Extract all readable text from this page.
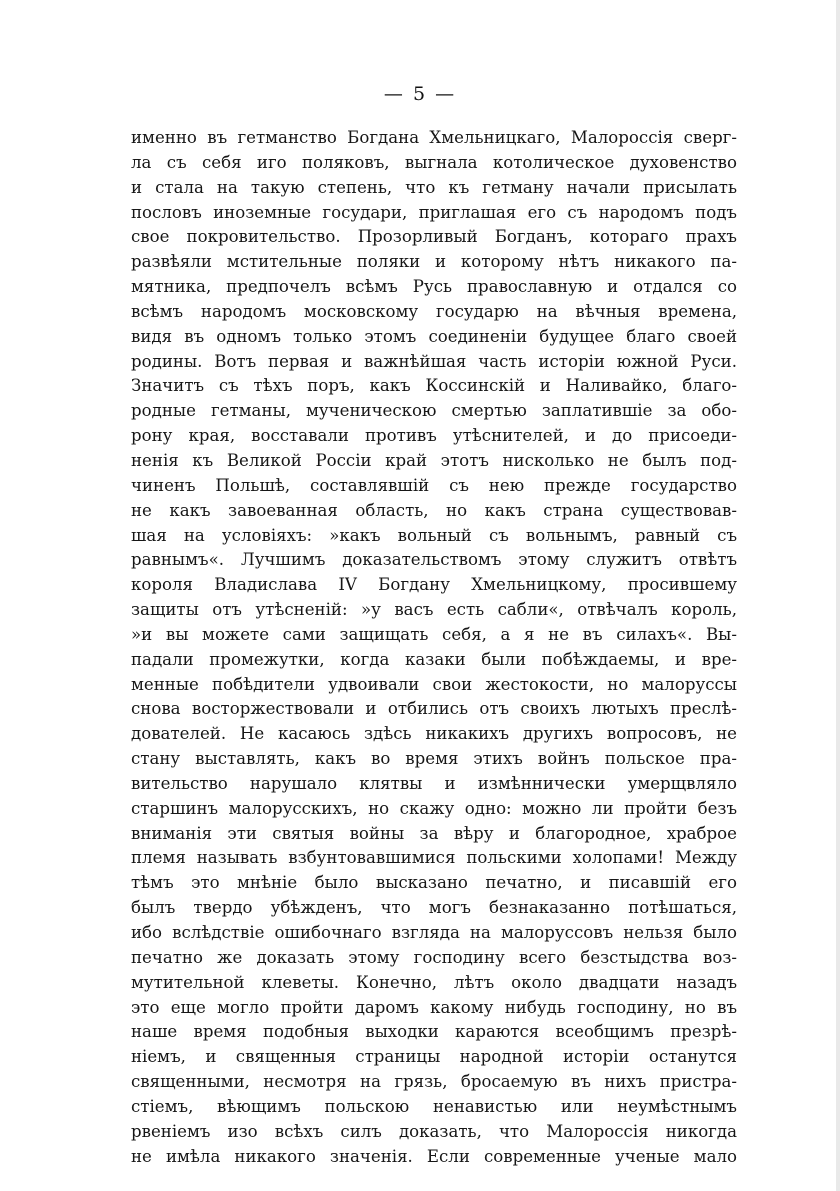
— 5 —
именно въ гетманство Богдана Хмельницкаго, Малороссія сверг-
ла съ себя иго поляковъ, выгнала котолическое духовенство
и стала на такую степень, что къ гетману начали присылать
пословъ иноземные государи, приглашая его съ народомъ подъ
свое покровительство. Прозорливый Богданъ, котораго прахъ
развѣяли мстительные поляки и которому нѣтъ никакого па-
мятника, предпочелъ всѣмъ Русь православную и отдался со
всѣмъ народомъ московскому государю на вѣчныя времена,
видя въ одномъ только этомъ соединеніи будущее благо своей
родины. Вотъ первая и важнѣйшая часть исторіи южной Руси.
Значитъ съ тѣхъ поръ, какъ Коссинскій и Наливайко, благо-
родные гетманы, мученическою смертью заплатившіе за обо-
рону края, восставали противъ утѣснителей, и до присоеди-
ненія къ Великой Россіи край этотъ нисколько не былъ под-
чиненъ Польшѣ, составлявшій съ нею прежде государство
не какъ завоеванная область, но какъ страна существовав-
шая на условіяхъ: »какъ вольный съ вольнымъ, равный съ
равнымъ«. Лучшимъ доказательствомъ этому служитъ отвѣтъ
короля Владислава IV Богдану Хмельницкому, просившему
защиты отъ утѣсненій: »у васъ есть сабли«, отвѣчалъ король,
»и вы можете сами защищать себя, а я не въ силахъ«. Вы-
падали промежутки, когда казаки были побѣждаемы, и вре-
менные побѣдители удвоивали свои жестокости, но малоруссы
снова восторжествовали и отбились отъ своихъ лютыхъ преслѣ-
дователей. Не касаюсь здѣсь никакихъ другихъ вопросовъ, не
стану выставлять, какъ во время этихъ войнъ польское пра-
вительство нарушало клятвы и измѣннически умерщвляло
старшинъ малорусскихъ, но скажу одно: можно ли пройти безъ
вниманія эти святыя войны за вѣру и благородное, храброе
племя называть взбунтовавшимися польскими холопами! Между
тѣмъ это мнѣніе было высказано печатно, и писавшій его
былъ твердо убѣжденъ, что могъ безнаказанно потѣшаться,
ибо вслѣдствіе ошибочнаго взгляда на малоруссовъ нельзя было
печатно же доказать этому господину всего безстыдства воз-
мутительной клеветы. Конечно, лѣтъ около двадцати назадъ
это еще могло пройти даромъ какому нибудь господину, но въ
наше время подобныя выходки караются всеобщимъ презрѣ-
ніемъ, и священныя страницы народной исторіи останутся
священными, несмотря на грязь, бросаемую въ нихъ пристра-
стіемъ, вѣющимъ польскою ненавистью или неумѣстнымъ
рвеніемъ изо всѣхъ силъ доказать, что Малороссія никогда
не имѣла никакого значенія. Если современные ученые мало
